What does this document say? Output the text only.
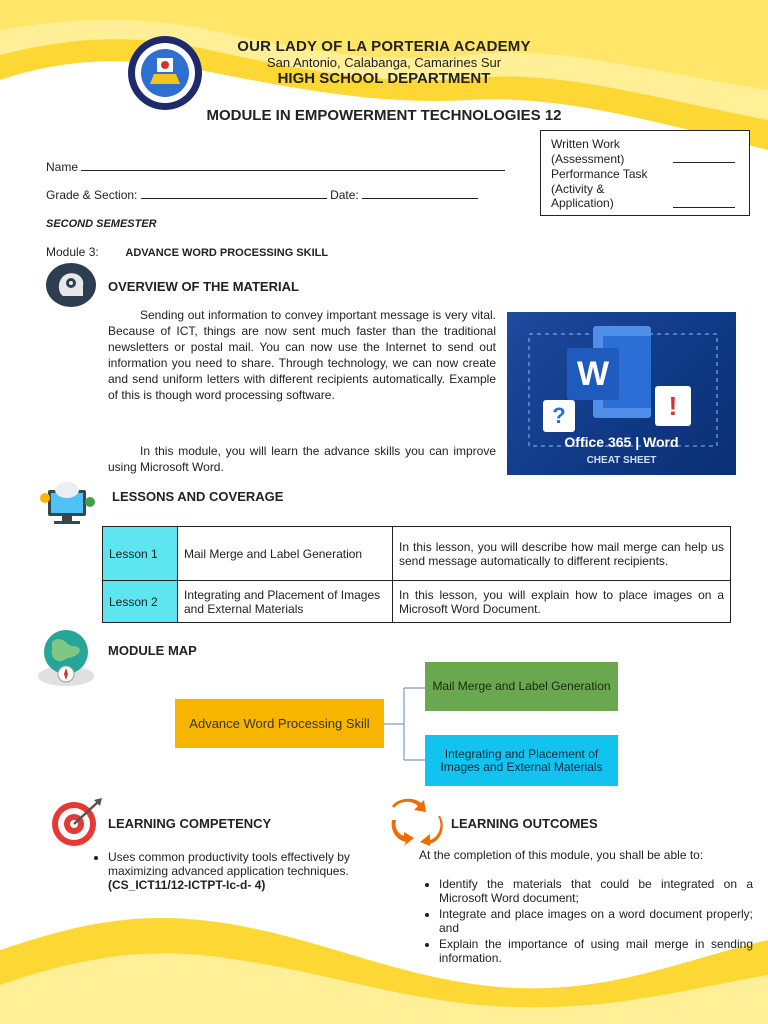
OUR LADY OF LA PORTERIA ACADEMY
San Antonio, Calabanga, Camarines Sur
HIGH SCHOOL DEPARTMENT
MODULE IN EMPOWERMENT TECHNOLOGIES 12
Written Work (Assessment)
Performance Task (Activity & Application)
Name
Grade & Section:	Date:
SECOND SEMESTER
Module 3: ADVANCE WORD PROCESSING SKILL
OVERVIEW OF THE MATERIAL
Sending out information to convey important message is very vital. Because of ICT, things are now sent much faster than the traditional newsletters or postal mail. You can now use the Internet to send out information you need to share. Through technology, we can now create and send uniform letters with different recipients automatically. Example of this is though word processing software.
In this module, you will learn the advance skills you can improve using Microsoft Word.
W
?	!
Office 365 | Word
CHEAT SHEET
LESSONS AND COVERAGE
Lesson 1	Mail Merge and Label Generation	In this lesson, you will describe how mail merge can help us send message automatically to different recipients.
Lesson 2	Integrating and Placement of Images and External Materials	In this lesson, you will explain how to place images on a Microsoft Word Document.
MODULE MAP
Advance Word Processing Skill
Mail Merge and Label Generation
Integrating and Placement of Images and External Materials
LEARNING COMPETENCY
• Uses common productivity tools effectively by maximizing advanced application techniques. (CS_ICT11/12-ICTPT-Ic-d- 4)
LEARNING OUTCOMES
At the completion of this module, you shall be able to:
• Identify the materials that could be integrated on a Microsoft Word document;
• Integrate and place images on a word document properly; and
• Explain the importance of using mail merge in sending information.
